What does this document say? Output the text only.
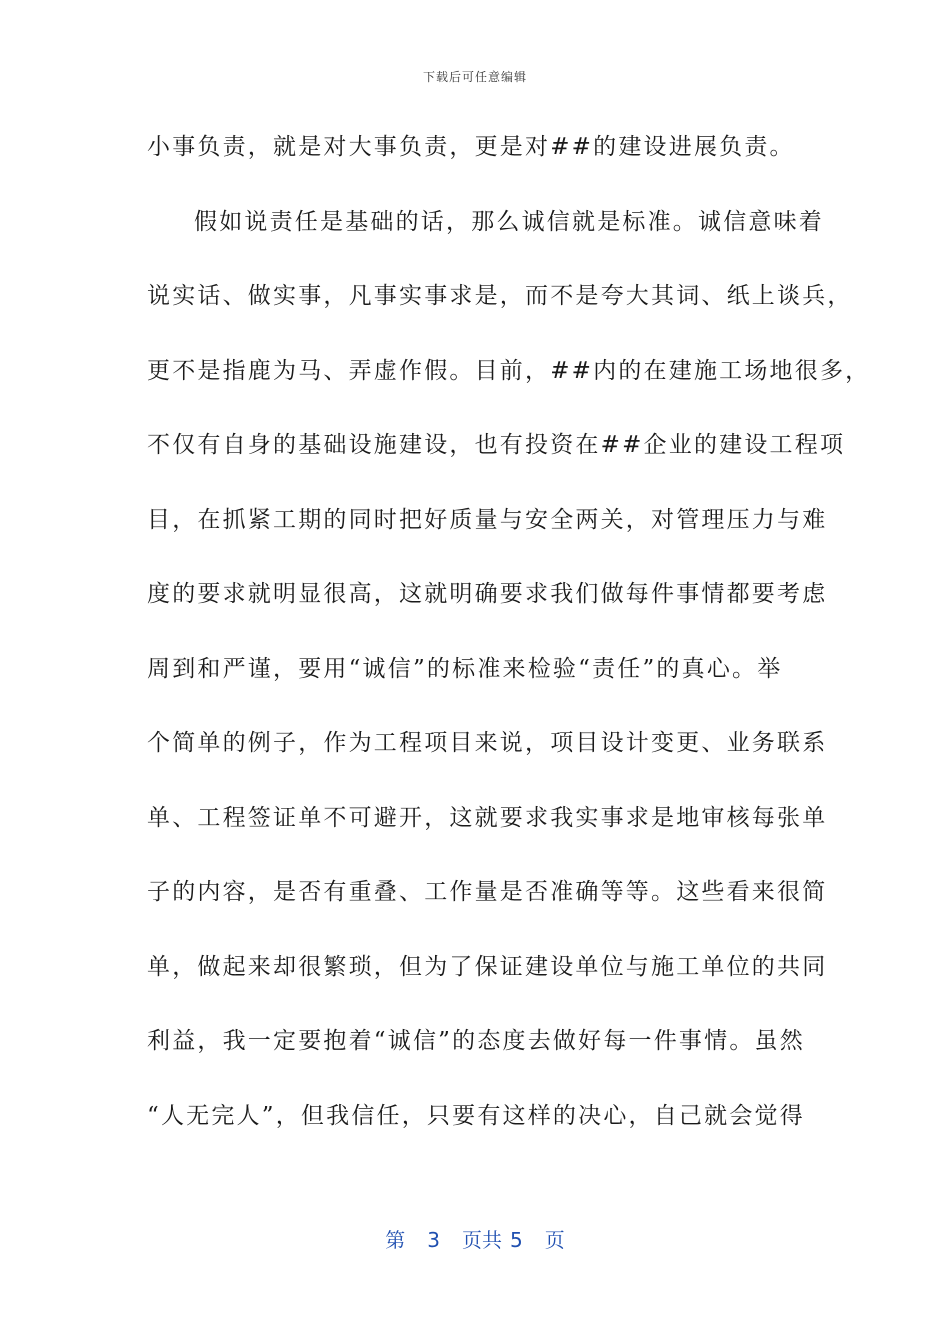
下载后可任意编辑
小事负责，就是对大事负责，更是对##的建设进展负责。
假如说责任是基础的话，那么诚信就是标准。诚信意味着
说实话、做实事，凡事实事求是，而不是夸大其词、纸上谈兵，
更不是指鹿为马、弄虚作假。目前，##内的在建施工场地很多，
不仅有自身的基础设施建设，也有投资在##企业的建设工程项
目，在抓紧工期的同时把好质量与安全两关，对管理压力与难
度的要求就明显很高，这就明确要求我们做每件事情都要考虑
周到和严谨，要用“诚信”的标准来检验“责任”的真心。举
个简单的例子，作为工程项目来说，项目设计变更、业务联系
单、工程签证单不可避开，这就要求我实事求是地审核每张单
子的内容，是否有重叠、工作量是否准确等等。这些看来很简
单，做起来却很繁琐，但为了保证建设单位与施工单位的共同
利益，我一定要抱着“诚信”的态度去做好每一件事情。虽然
“人无完人”，但我信任，只要有这样的决心，自己就会觉得
第 3 页共 5 页
